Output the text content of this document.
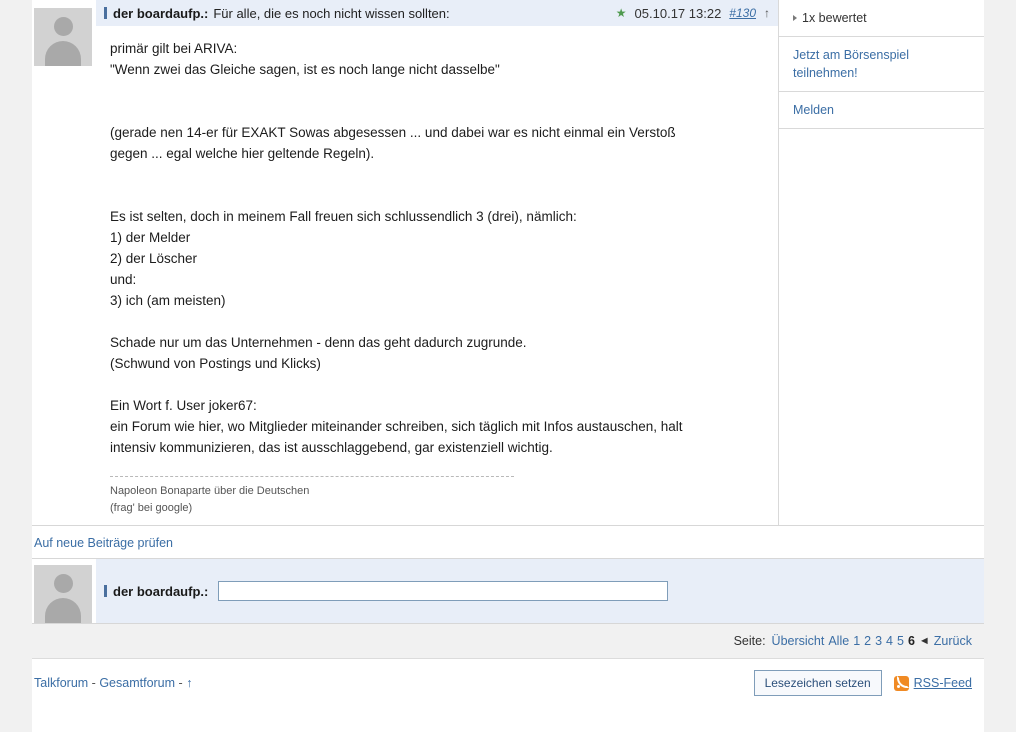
der boardaufp.: Für alle, die es noch nicht wissen sollten:	★ 05.10.17 13:22 #130 ↑

primär gilt bei ARIVA:

"Wenn zwei das Gleiche sagen, ist es noch lange nicht dasselbe"

(gerade nen 14-er für EXAKT Sowas abgesessen ... und dabei war es nicht einmal ein Verstoß

gegen ... egal welche hier geltende Regeln).

Es ist selten, doch in meinem Fall freuen sich schlussendlich 3 (drei), nämlich:

1) der Melder

2) der Löscher

und:

3) ich (am meisten)

Schade nur um das Unternehmen - denn das geht dadurch zugrunde.

(Schwund von Postings und Klicks)

Ein Wort f. User joker67:

ein Forum wie hier, wo Mitglieder miteinander schreiben, sich täglich mit Infos austauschen, halt

intensiv kommunizieren, das ist ausschlaggebend, gar existenziell wichtig.

Napoleon Bonaparte über die Deutschen
(frag' bei google)
1x bewertet
Jetzt am Börsenspiel teilnehmen!
Melden
Auf neue Beiträge prüfen
der boardaufp.:
Seite: Übersicht Alle 1 2 3 4 5 6 ◄ Zurück
Talkforum - Gesamtforum - ↑	Lesezeichen setzen	RSS-Feed
